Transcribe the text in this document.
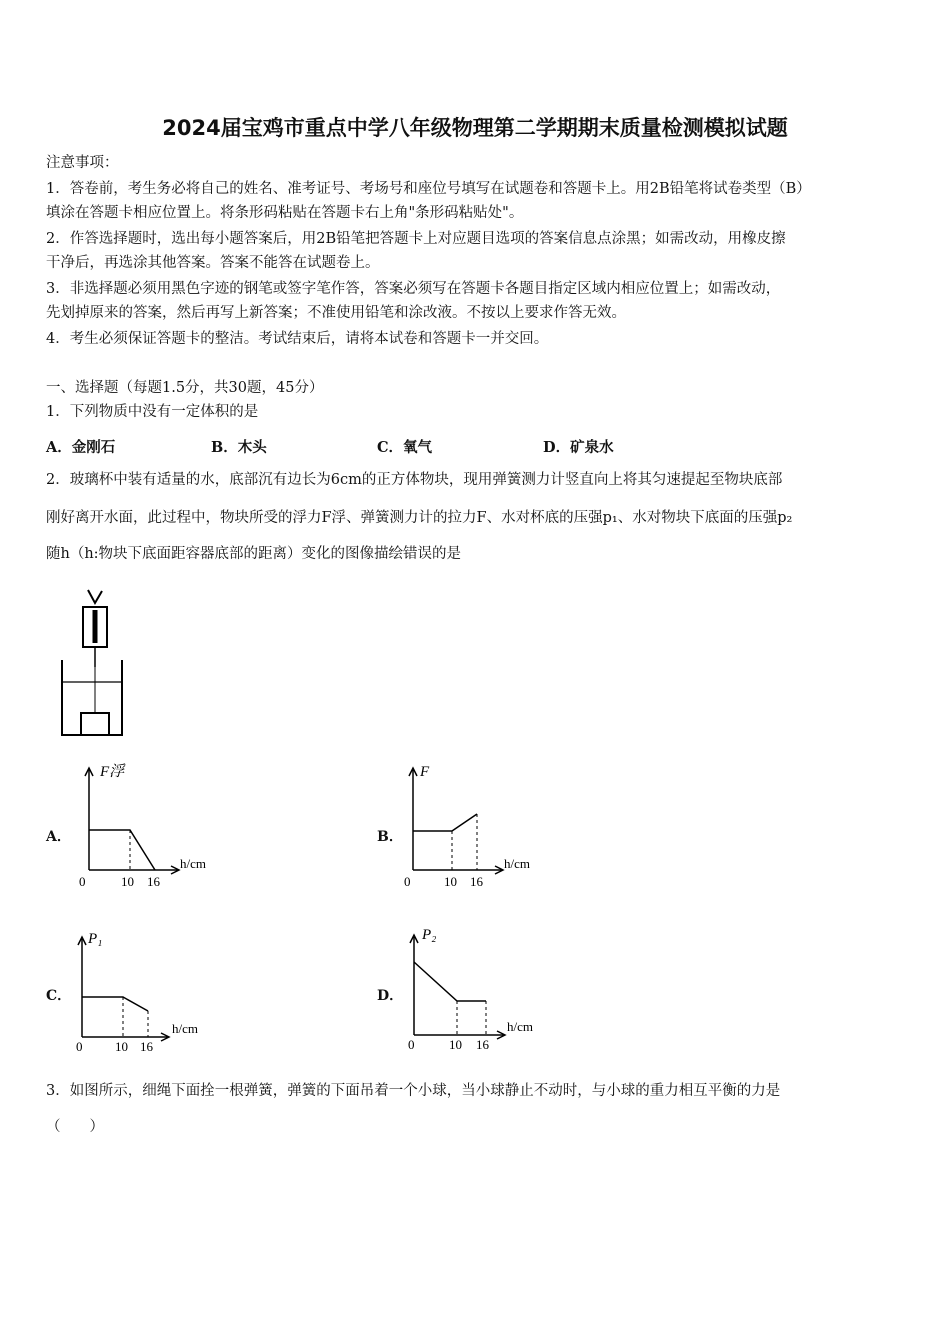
2024届宝鸡市重点中学八年级物理第二学期期末质量检测模拟试题
注意事项：
1．答卷前，考生务必将自己的姓名、准考证号、考场号和座位号填写在试题卷和答题卡上。用2B铅笔将试卷类型（B）
填涂在答题卡相应位置上。将条形码粘贴在答题卡右上角"条形码粘贴处"。
2．作答选择题时，选出每小题答案后，用2B铅笔把答题卡上对应题目选项的答案信息点涂黑；如需改动，用橡皮擦
干净后，再选涂其他答案。答案不能答在试题卷上。
3．非选择题必须用黑色字迹的钢笔或签字笔作答，答案必须写在答题卡各题目指定区域内相应位置上；如需改动，
先划掉原来的答案，然后再写上新答案；不准使用铅笔和涂改液。不按以上要求作答无效。
4．考生必须保证答题卡的整洁。考试结束后，请将本试卷和答题卡一并交回。
一、选择题（每题1.5分，共30题，45分）
1．下列物质中没有一定体积的是
A．金刚石	B．木头	C．氧气	D．矿泉水
2．玻璃杯中装有适量的水，底部沉有边长为6cm的正方体物块，现用弹簧测力计竖直向上将其匀速提起至物块底部
刚好离开水面，此过程中，物块所受的浮力F浮、弹簧测力计的拉力F、水对杯底的压强p₁、水对物块下底面的压强p₂
随h（h:物块下底面距容器底部的距离）变化的图像描绘错误的是
A．	B．
C．	D．
F浮
h/cm
0	10 16
F
h/cm
0	10 16
P₁
h/cm
0	10 16
P₂
h/cm
0	10 16
3．如图所示，细绳下面拴一根弹簧，弹簧的下面吊着一个小球，当小球静止不动时，与小球的重力相互平衡的力是
（　　）
